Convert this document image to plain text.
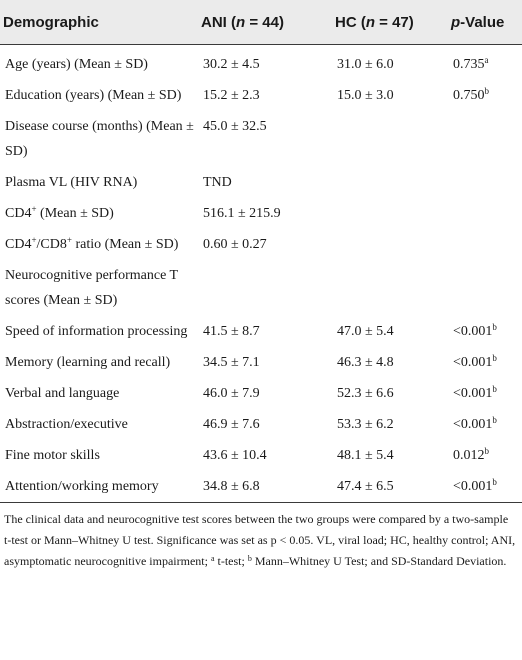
Demographic	ANI (n = 44)	HC (n = 47)	p-Value
Age (years) (Mean ± SD)	30.2 ± 4.5	31.0 ± 6.0	0.735$^a$
Education (years) (Mean ± SD)	15.2 ± 2.3	15.0 ± 3.0	0.750$^b$
Disease course (months) (Mean ± SD)	45.0 ± 32.5		
Plasma VL (HIV RNA)	TND		
CD4+ (Mean ± SD)	516.1 ± 215.9		
CD4+/CD8+ ratio (Mean ± SD)	0.60 ± 0.27		
Neurocognitive performance T scores (Mean ± SD)			
Speed of information processing	41.5 ± 8.7	47.0 ± 5.4	<0.001$^b$
Memory (learning and recall)	34.5 ± 7.1	46.3 ± 4.8	<0.001$^b$
Verbal and language	46.0 ± 7.9	52.3 ± 6.6	<0.001$^b$
Abstraction/executive	46.9 ± 7.6	53.3 ± 6.2	<0.001$^b$
Fine motor skills	43.6 ± 10.4	48.1 ± 5.4	0.012$^b$
Attention/working memory	34.8 ± 6.8	47.4 ± 6.5	<0.001$^b$
The clinical data and neurocognitive test scores between the two groups were compared by a two-sample t-test or Mann–Whitney U test. Significance was set as p < 0.05. VL, viral load; HC, healthy control; ANI, asymptomatic neurocognitive impairment; $^a$ t-test; $^b$ Mann–Whitney U Test; and SD-Standard Deviation.
